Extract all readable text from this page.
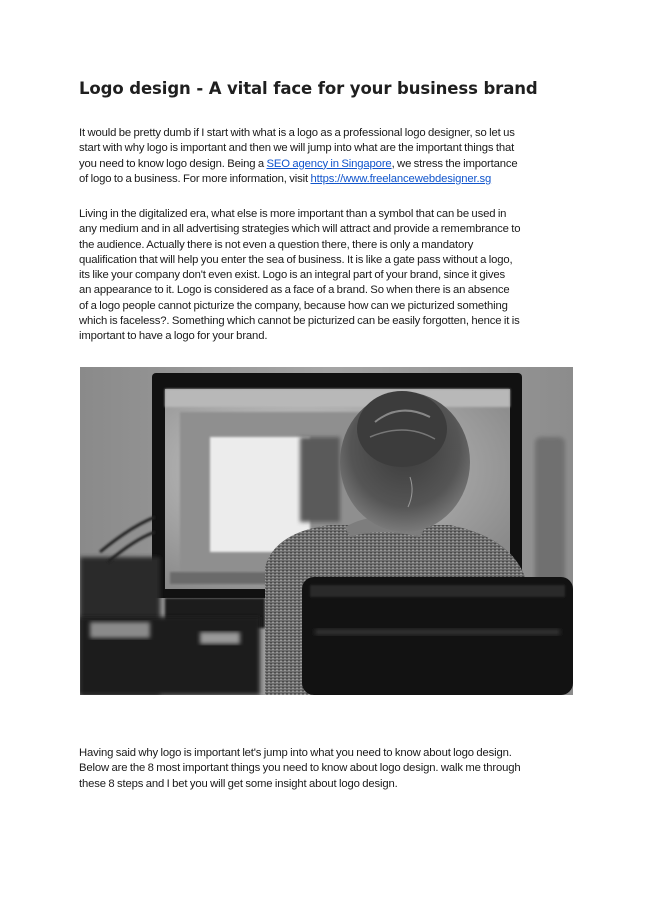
Logo design - A vital face for your business brand

It would be pretty dumb if I start with what is a logo as a professional logo designer, so let us
start with why logo is important and then we will jump into what are the important things that
you need to know logo design. Being a SEO agency in Singapore, we stress the importance
of logo to a business. For more information, visit https://www.freelancewebdesigner.sg

Living in the digitalized era, what else is more important than a symbol that can be used in
any medium and in all advertising strategies which will attract and provide a remembrance to
the audience. Actually there is not even a question there, there is only a mandatory
qualification that will help you enter the sea of business. It is like a gate pass without a logo,
its like your company don't even exist. Logo is an integral part of your brand, since it gives
an appearance to it. Logo is considered as a face of a brand. So when there is an absence
of a logo people cannot picturize the company, because how can we picturized something
which is faceless?. Something which cannot be picturized can be easily forgotten, hence it is
important to have a logo for your brand.

Having said why logo is important let's jump into what you need to know about logo design.
Below are the 8 most important things you need to know about logo design. walk me through
these 8 steps and I bet you will get some insight about logo design.
